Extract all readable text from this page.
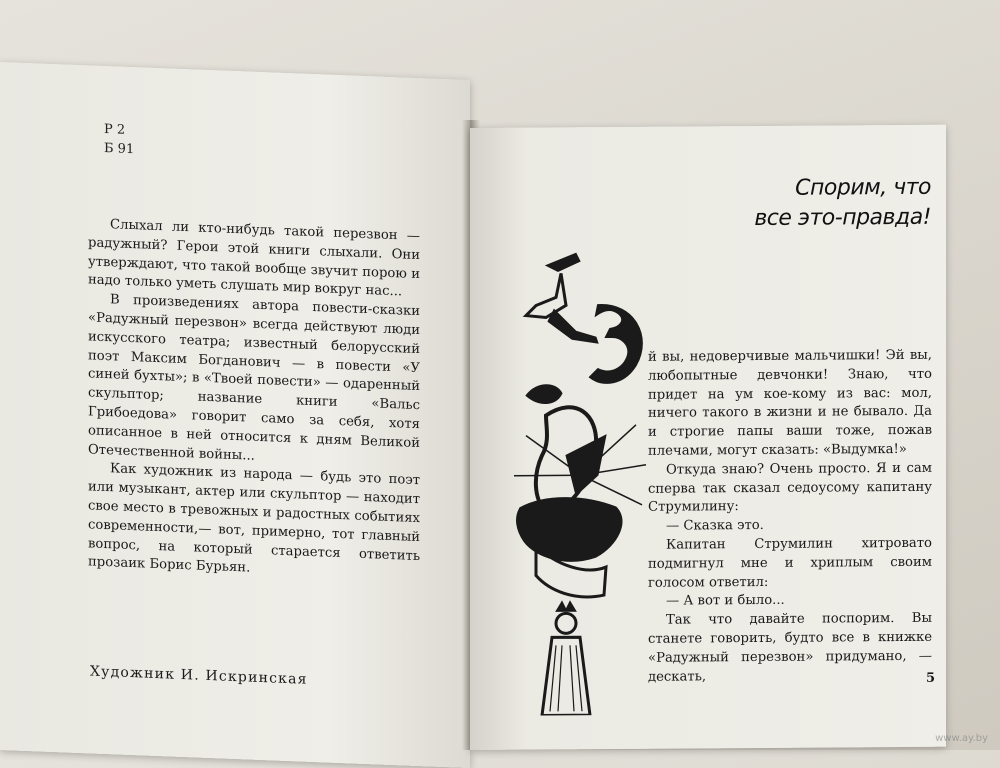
​
Р 2
Б 91

Слыхал ли кто-нибудь такой перезвон — радужный? Герои этой книги слыхали. Они утверждают, что такой вообще звучит порою и надо только уметь слушать мир вокруг нас...

В произведениях автора повести-сказки «Радужный перезвон» всегда действуют люди искусского театра; известный белорусский поэт Максим Богданович — в повести «У синей бухты»; в «Твоей повести» — одаренный скульптор; название книги «Вальс Грибоедова» говорит само за себя, хотя описанное в ней относится к дням Великой Отечественной войны...

Как художник из народа — будь это поэт или музыкант, актер или скульптор — находит свое место в тревожных и радостных событиях современности,— вот, примерно, тот главный вопрос, на который старается ответить прозаик Борис Бурьян.

Художник И. Искринская
Спорим, что
все это-правда!

й вы, недоверчивые мальчишки! Эй вы, любопытные девчонки! Знаю, что придет на ум кое-кому из вас: мол, ничего такого в жизни и не бывало. Да и строгие папы ваши тоже, пожав плечами, могут сказать: «Выдумка!»

Откуда знаю? Очень просто. Я и сам сперва так сказал седоусому капитану Струмилину:

— Сказка это.

Капитан Струмилин хитровато подмигнул мне и хриплым своим голосом ответил:

— А вот и было...

Так что давайте поспорим. Вы станете говорить, будто все в книжке «Радужный перезвон» придумано, — дескать,	5
www.ay.by
